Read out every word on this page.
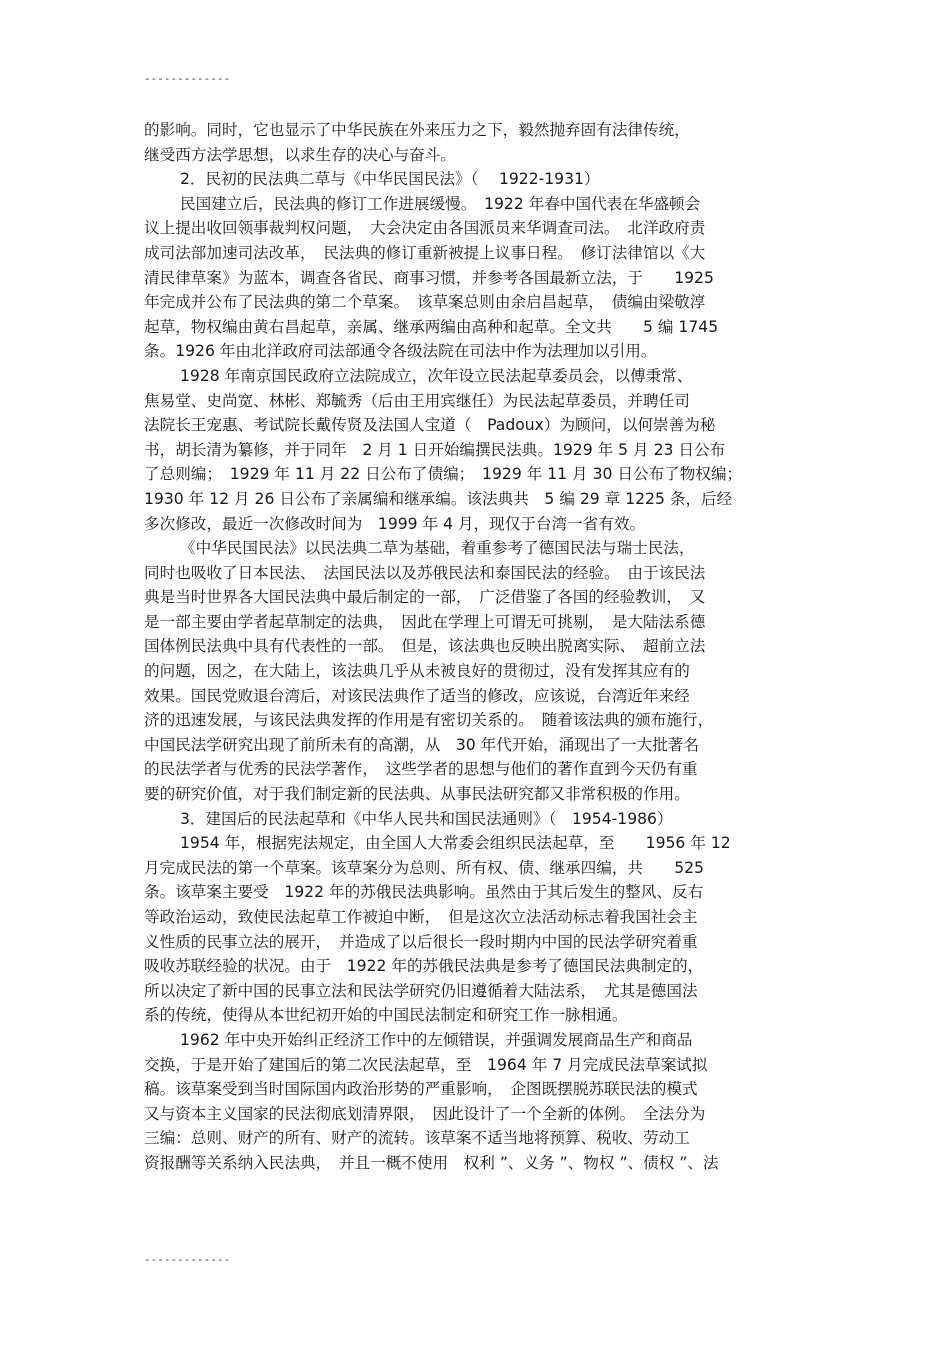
-------------
的影响。同时，它也显示了中华民族在外来压力之下，毅然抛弃固有法律传统，
继受西方法学思想，以求生存的决心与奋斗。
2．民初的民法典二草与《中华民国民法》（　 1922-1931）
民国建立后，民法典的修订工作进展缓慢。　1922 年春中国代表在华盛顿会
议上提出收回领事裁判权问题，　大会决定由各国派员来华调查司法。　北洋政府责
成司法部加速司法改革，　民法典的修订重新被提上议事日程。　修订法律馆以《大
清民律草案》为蓝本，调查各省民、商事习惯，并参考各国最新立法，于　　1925
年完成并公布了民法典的第二个草案。　该草案总则由余启昌起草，　债编由梁敬淳
起草，物权编由黄右昌起草，亲属、继承两编由高种和起草。全文共　　5 编 1745
条。1926 年由北洋政府司法部通令各级法院在司法中作为法理加以引用。
1928 年南京国民政府立法院成立，次年设立民法起草委员会，以傅秉常、
焦易堂、史尚宽、林彬、郑毓秀（后由王用宾继任）为民法起草委员，并聘任司
法院长王宠惠、考试院长戴传贤及法国人宝道（　Padoux）为顾问，以何崇善为秘
书，胡长清为纂修，并于同年　2 月 1 日开始编撰民法典。1929 年 5 月 23 日公布
了总则编；　1929 年 11 月 22 日公布了债编；　1929 年 11 月 30 日公布了物权编；
1930 年 12 月 26 日公布了亲属编和继承编。该法典共　5 编 29 章 1225 条，后经
多次修改，最近一次修改时间为　1999 年 4 月，现仅于台湾一省有效。
《中华民国民法》以民法典二草为基础，着重参考了德国民法与瑞士民法，
同时也吸收了日本民法、　法国民法以及苏俄民法和泰国民法的经验。　由于该民法
典是当时世界各大国民法典中最后制定的一部，　广泛借鉴了各国的经验教训，　又
是一部主要由学者起草制定的法典，　因此在学理上可谓无可挑剔，　是大陆法系德
国体例民法典中具有代表性的一部。　但是，该法典也反映出脱离实际、　超前立法
的问题，因之，在大陆上，该法典几乎从未被良好的贯彻过，没有发挥其应有的
效果。国民党败退台湾后，对该民法典作了适当的修改，应该说，台湾近年来经
济的迅速发展，与该民法典发挥的作用是有密切关系的。　随着该法典的颁布施行，
中国民法学研究出现了前所未有的高潮，从　30 年代开始，涌现出了一大批著名
的民法学者与优秀的民法学著作，　这些学者的思想与他们的著作直到今天仍有重
要的研究价值，对于我们制定新的民法典、从事民法研究都又非常积极的作用。
3．建国后的民法起草和《中华人民共和国民法通则》（　1954-1986）
1954 年，根据宪法规定，由全国人大常委会组织民法起草，至　　1956 年 12
月完成民法的第一个草案。该草案分为总则、所有权、债、继承四编，共　　525
条。该草案主要受　1922 年的苏俄民法典影响。虽然由于其后发生的整风、反右
等政治运动，致使民法起草工作被迫中断，　但是这次立法活动标志着我国社会主
义性质的民事立法的展开，　并造成了以后很长一段时期内中国的民法学研究着重
吸收苏联经验的状况。由于　1922 年的苏俄民法典是参考了德国民法典制定的，
所以决定了新中国的民事立法和民法学研究仍旧遵循着大陆法系，　尤其是德国法
系的传统，使得从本世纪初开始的中国民法制定和研究工作一脉相通。
1962 年中央开始纠正经济工作中的左倾错误，并强调发展商品生产和商品
交换，于是开始了建国后的第二次民法起草，至　1964 年 7 月完成民法草案试拟
稿。该草案受到当时国际国内政治形势的严重影响，　企图既摆脱苏联民法的模式
又与资本主义国家的民法彻底划清界限，　因此设计了一个全新的体例。　全法分为
三编：总则、财产的所有、财产的流转。该草案不适当地将预算、税收、劳动工
资报酬等关系纳入民法典，　并且一概不使用　权利 ”、义务 ”、物权 ”、债权 ”、法
-------------
